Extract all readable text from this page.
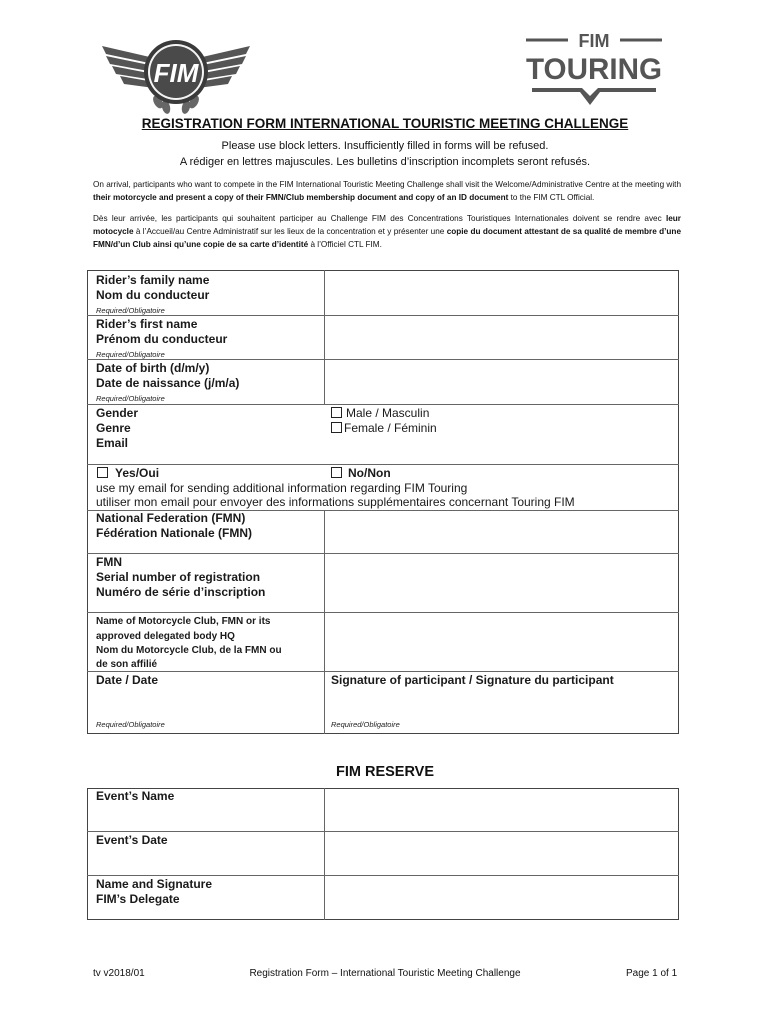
FIM
FIM
TOURING
REGISTRATION FORM INTERNATIONAL TOURISTIC MEETING CHALLENGE
Please use block letters. Insufficiently filled in forms will be refused.
A rédiger en lettres majuscules. Les bulletins d’inscription incomplets seront refusés.
On arrival, participants who want to compete in the FIM International Touristic Meeting Challenge shall visit the Welcome/Administrative Centre at the meeting with their motorcycle and present a copy of their FMN/Club membership document and copy of an ID document to the FIM CTL Official.
Dès leur arrivée, les participants qui souhaitent participer au Challenge FIM des Concentrations Touristiques Internationales doivent se rendre avec leur motocycle à l’Accueil/au Centre Administratif sur les lieux de la concentration et y présenter une copie du document attestant de sa qualité de membre d’une FMN/d’un Club ainsi qu’une copie de sa carte d’identité à l’Officiel CTL FIM.
Rider’s family name
Nom du conducteur
Required/Obligatoire
Rider’s first name
Prénom du conducteur
Required/Obligatoire
Date of birth (d/m/y)
Date de naissance (j/m/a)
Required/Obligatoire
Gender
Genre
Email
Male / Masculin
Female / Féminin
Yes/Oui	No/Non
use my email for sending additional information regarding FIM Touring
utiliser mon email pour envoyer des informations supplémentaires concernant Touring FIM
National Federation (FMN)
Fédération Nationale (FMN)
FMN
Serial number of registration
Numéro de série d’inscription
Name of Motorcycle Club, FMN or its
approved delegated body HQ
Nom du Motorcycle Club, de la FMN ou
de son affilié
Date / Date	Signature of participant / Signature du participant
Required/Obligatoire	Required/Obligatoire
FIM RESERVE
Event’s Name
Event’s Date
Name and Signature
FIM’s Delegate
tv v2018/01	Registration Form – International Touristic Meeting Challenge	Page 1 of 1
